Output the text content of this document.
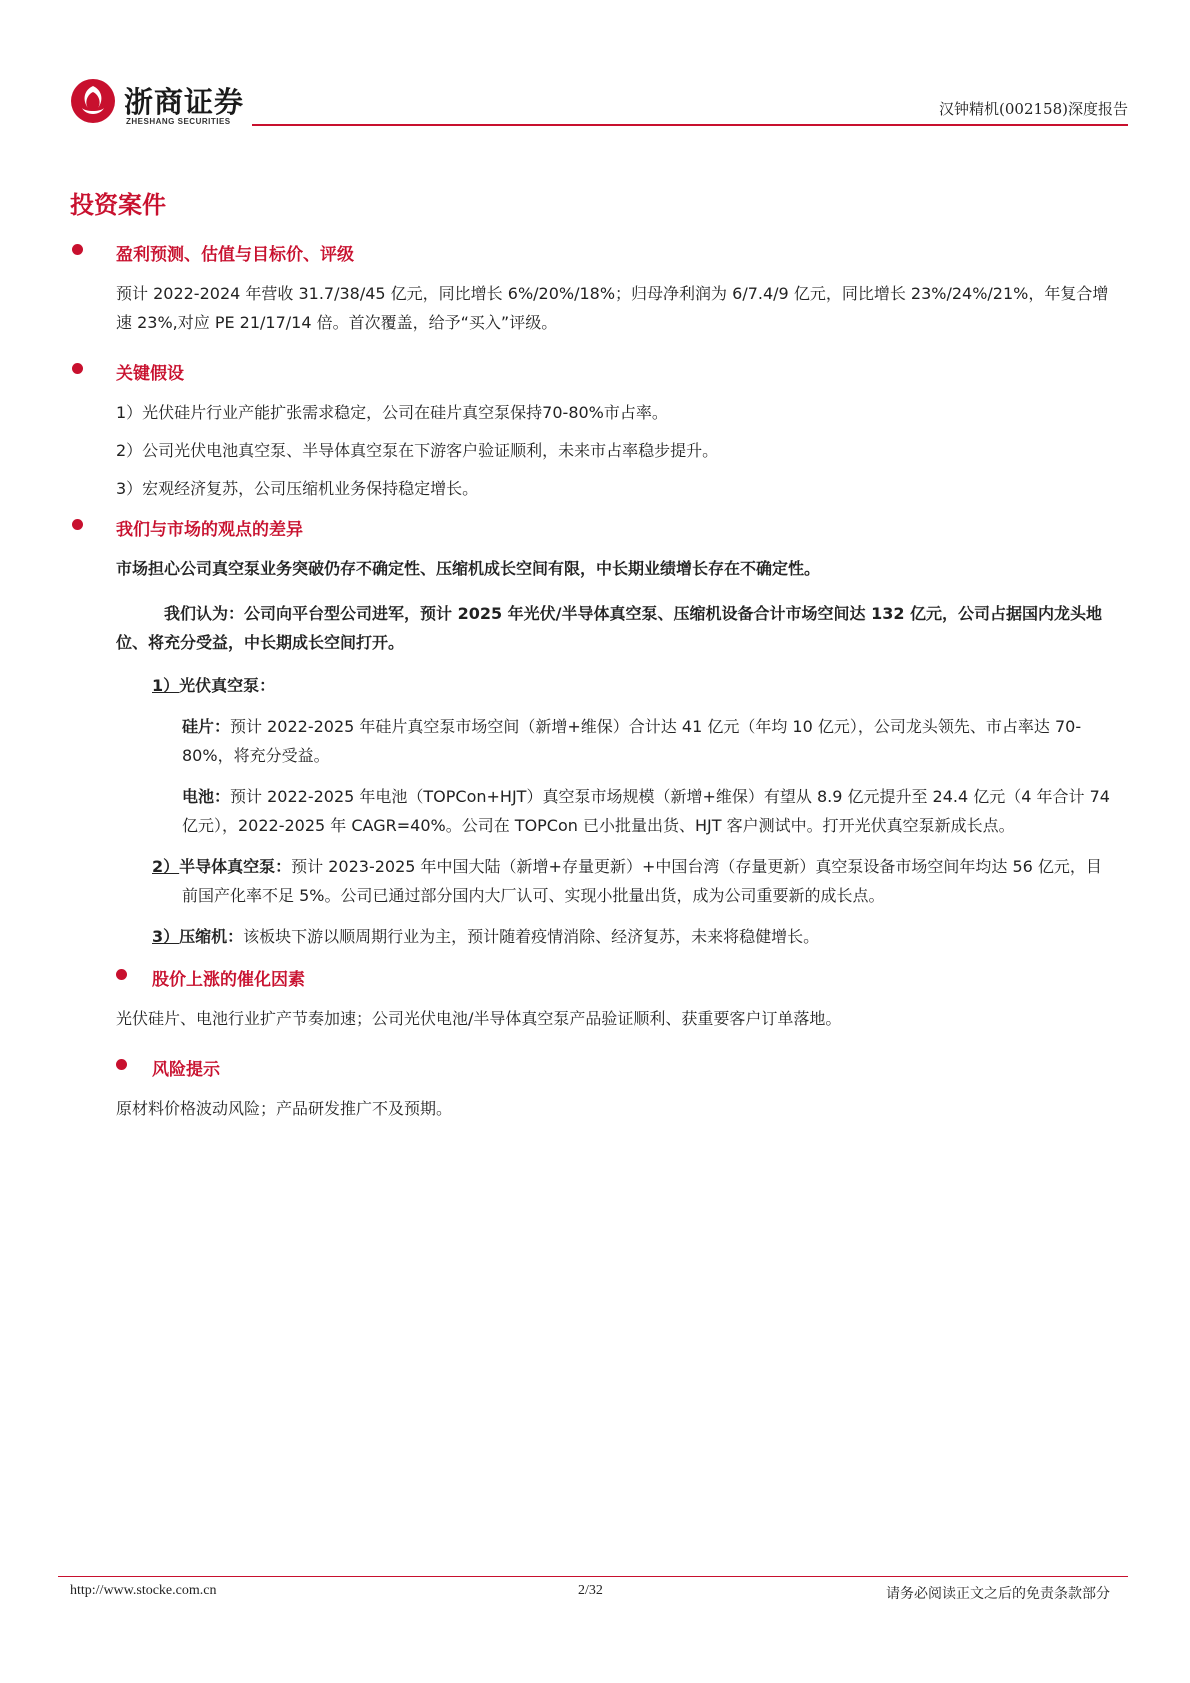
浙商证券
ZHESHANG SECURITIES
汉钟精机(002158)深度报告
投资案件
盈利预测、估值与目标价、评级

预计 2022-2024 年营收 31.7/38/45 亿元，同比增长 6%/20%/18%；归母净利润为 6/7.4/9 亿元，同比增长 23%/24%/21%，年复合增速 23%,对应 PE 21/17/14 倍。首次覆盖，给予“买入”评级。

关键假设

1）光伏硅片行业产能扩张需求稳定，公司在硅片真空泵保持70-80%市占率。

2）公司光伏电池真空泵、半导体真空泵在下游客户验证顺利，未来市占率稳步提升。

3）宏观经济复苏，公司压缩机业务保持稳定增长。

我们与市场的观点的差异

市场担心公司真空泵业务突破仍存不确定性、压缩机成长空间有限，中长期业绩增长存在不确定性。

我们认为：公司向平台型公司进军，预计 2025 年光伏/半导体真空泵、压缩机设备合计市场空间达 132 亿元，公司占据国内龙头地位、将充分受益，中长期成长空间打开。

1）光伏真空泵：

硅片：预计 2022-2025 年硅片真空泵市场空间（新增+维保）合计达 41 亿元（年均 10 亿元），公司龙头领先、市占率达 70-80%，将充分受益。

电池：预计 2022-2025 年电池（TOPCon+HJT）真空泵市场规模（新增+维保）有望从 8.9 亿元提升至 24.4 亿元（4 年合计 74 亿元），2022-2025 年 CAGR=40%。公司在 TOPCon 已小批量出货、HJT 客户测试中。打开光伏真空泵新成长点。

2）半导体真空泵：预计 2023-2025 年中国大陆（新增+存量更新）+中国台湾（存量更新）真空泵设备市场空间年均达 56 亿元，目前国产化率不足 5%。公司已通过部分国内大厂认可、实现小批量出货，成为公司重要新的成长点。

3）压缩机：该板块下游以顺周期行业为主，预计随着疫情消除、经济复苏，未来将稳健增长。

股价上涨的催化因素

光伏硅片、电池行业扩产节奏加速；公司光伏电池/半导体真空泵产品验证顺利、获重要客户订单落地。

风险提示

原材料价格波动风险；产品研发推广不及预期。

http://www.stocke.com.cn	2/32	请务必阅读正文之后的免责条款部分
